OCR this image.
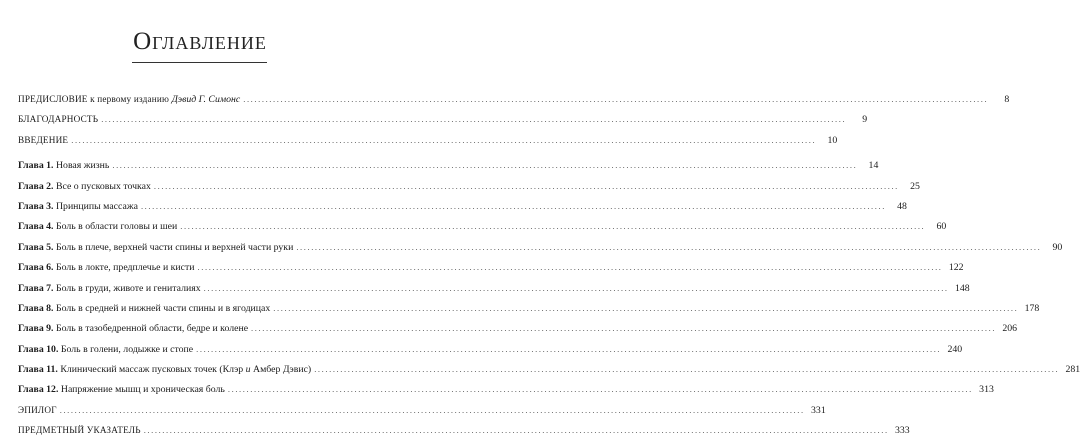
Оглавление
ПРЕДИСЛОВИЕ к первому изданию Дэвид Г. Симонс ........................................................................................................................................................................................................	8
БЛАГОДАРНОСТЬ ........................................................................................................................................................................................................	9
ВВЕДЕНИЕ ........................................................................................................................................................................................................	10
Глава 1. Новая жизнь ........................................................................................................................................................................................................	14
Глава 2. Все о пусковых точках ........................................................................................................................................................................................................	25
Глава 3. Принципы массажа ........................................................................................................................................................................................................	48
Глава 4. Боль в области головы и шеи ........................................................................................................................................................................................................	60
Глава 5. Боль в плече, верхней части спины и верхней части руки ........................................................................................................................................................................................................	90
Глава 6. Боль в локте, предплечье и кисти ........................................................................................................................................................................................................ 122
Глава 7. Боль в груди, животе и гениталиях ........................................................................................................................................................................................................ 148
Глава 8. Боль в средней и нижней части спины и в ягодицах ........................................................................................................................................................................................................ 178
Глава 9. Боль в тазобедренной области, бедре и колене ........................................................................................................................................................................................................ 206
Глава 10. Боль в голени, лодыжке и стопе ........................................................................................................................................................................................................ 240
Глава 11. Клинический массаж пусковых точек (Клэр и Амбер Дэвис) ........................................................................................................................................................................................................ 281
Глава 12. Напряжение мышц и хроническая боль ........................................................................................................................................................................................................ 313
ЭПИЛОГ ........................................................................................................................................................................................................ 331
ПРЕДМЕТНЫЙ УКАЗАТЕЛЬ ........................................................................................................................................................................................................ 333
